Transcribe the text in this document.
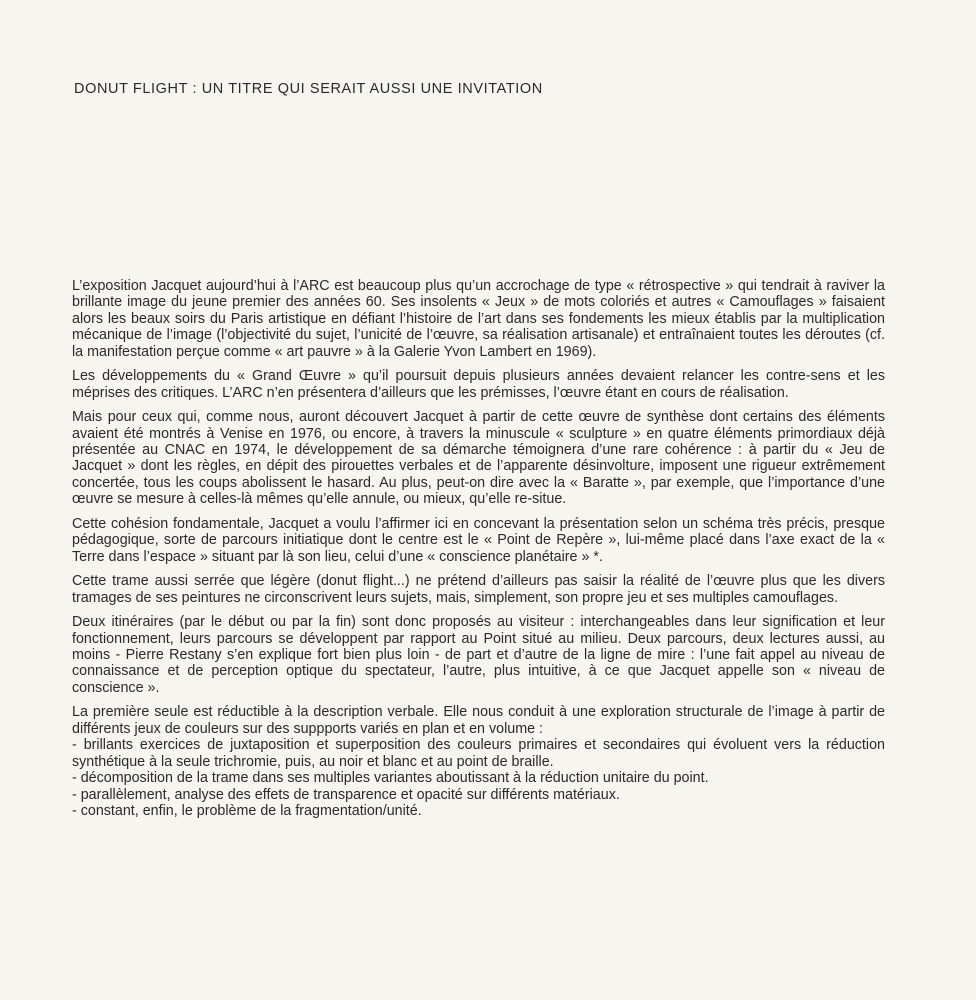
DONUT FLIGHT : UN TITRE QUI SERAIT AUSSI UNE INVITATION

L’exposition Jacquet aujourd’hui à l’ARC est beaucoup plus qu’un accrochage de type « rétrospective » qui tendrait à raviver la brillante image du jeune premier des années 60. Ses insolents « Jeux » de mots coloriés et autres « Camouflages » faisaient alors les beaux soirs du Paris artistique en défiant l’histoire de l’art dans ses fondements les mieux établis par la multiplication mécanique de l’image (l’objectivité du sujet, l’unicité de l’œuvre, sa réalisation artisanale) et entraînaient toutes les déroutes (cf. la manifestation perçue comme « art pauvre » à la Galerie Yvon Lambert en 1969).

Les développements du « Grand Œuvre » qu’il poursuit depuis plusieurs années devaient relancer les contre-sens et les méprises des critiques. L’ARC n’en présentera d’ailleurs que les prémisses, l’œuvre étant en cours de réalisation.

Mais pour ceux qui, comme nous, auront découvert Jacquet à partir de cette œuvre de synthèse dont certains des éléments avaient été montrés à Venise en 1976, ou encore, à travers la minuscule « sculpture » en quatre éléments primordiaux déjà présentée au CNAC en 1974, le développement de sa démarche témoignera d’une rare cohérence : à partir du « Jeu de Jacquet » dont les règles, en dépit des pirouettes verbales et de l’apparente désinvolture, imposent une rigueur extrêmement concertée, tous les coups abolissent le hasard. Au plus, peut-on dire avec la « Baratte », par exemple, que l’importance d’une œuvre se mesure à celles-là mêmes qu’elle annule, ou mieux, qu’elle re-situe.

Cette cohésion fondamentale, Jacquet a voulu l’affirmer ici en concevant la présentation selon un schéma très précis, presque pédagogique, sorte de parcours initiatique dont le centre est le « Point de Repère », lui-même placé dans l’axe exact de la « Terre dans l’espace » situant par là son lieu, celui d’une « conscience planétaire » *.

Cette trame aussi serrée que légère (donut flight...) ne prétend d’ailleurs pas saisir la réalité de l’œuvre plus que les divers tramages de ses peintures ne circonscrivent leurs sujets, mais, simplement, son propre jeu et ses multiples camouflages.

Deux itinéraires (par le début ou par la fin) sont donc proposés au visiteur : interchangeables dans leur signification et leur fonctionnement, leurs parcours se développent par rapport au Point situé au milieu. Deux parcours, deux lectures aussi, au moins - Pierre Restany s’en explique fort bien plus loin - de part et d’autre de la ligne de mire : l’une fait appel au niveau de connaissance et de perception optique du spectateur, l’autre, plus intuitive, à ce que Jacquet appelle son « niveau de conscience ».

La première seule est réductible à la description verbale. Elle nous conduit à une exploration structurale de l’image à partir de différents jeux de couleurs sur des suppports variés en plan et en volume :

- brillants exercices de juxtaposition et superposition des couleurs primaires et secondaires qui évoluent vers la réduction synthétique à la seule trichromie, puis, au noir et blanc et au point de braille.
- décomposition de la trame dans ses multiples variantes aboutissant à la réduction unitaire du point.
- parallèlement, analyse des effets de transparence et opacité sur différents matériaux.
- constant, enfin, le problème de la fragmentation/unité.
